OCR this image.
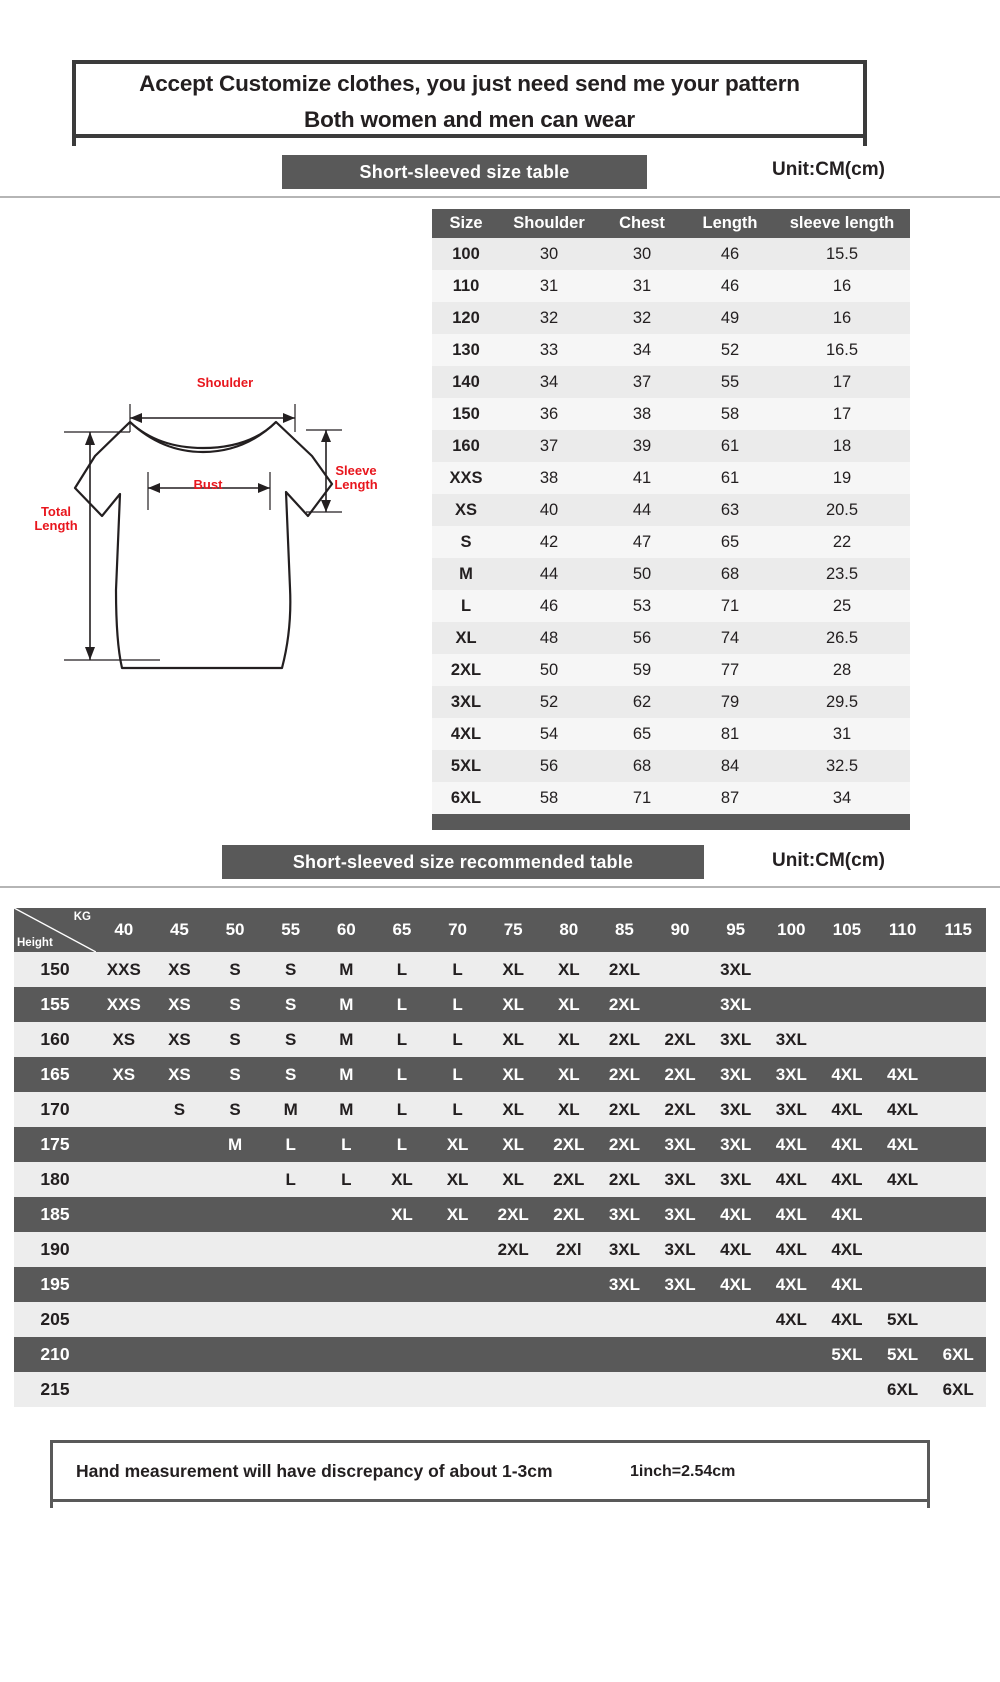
Accept Customize clothes, you just need send me your pattern
Both women and men can wear
Short-sleeved size table	Unit:CM(cm)
Shoulder
Bust
Sleeve
Length
Total
Length
Size	Shoulder	Chest	Length	sleeve length
100	30	30	46	15.5
110	31	31	46	16
120	32	32	49	16
130	33	34	52	16.5
140	34	37	55	17
150	36	38	58	17
160	37	39	61	18
XXS	38	41	61	19
XS	40	44	63	20.5
S	42	47	65	22
M	44	50	68	23.5
L	46	53	71	25
XL	48	56	74	26.5
2XL	50	59	77	28
3XL	52	62	79	29.5
4XL	54	65	81	31
5XL	56	68	84	32.5
6XL	58	71	87	34

Short-sleeved size recommended table	Unit:CM(cm)
KG
Height	40	45	50	55	60	65	70	75	80	85	90	95	100	105	110	115
150	XXS	XS	S	S	M	L	L	XL	XL	2XL		3XL				
155	XXS	XS	S	S	M	L	L	XL	XL	2XL		3XL				
160	XS	XS	S	S	M	L	L	XL	XL	2XL	2XL	3XL	3XL			
165	XS	XS	S	S	M	L	L	XL	XL	2XL	2XL	3XL	3XL	4XL	4XL	
170		S	S	M	M	L	L	XL	XL	2XL	2XL	3XL	3XL	4XL	4XL	
175			M	L	L	L	XL	XL	2XL	2XL	3XL	3XL	4XL	4XL	4XL	
180				L	L	XL	XL	XL	2XL	2XL	3XL	3XL	4XL	4XL	4XL	
185						XL	XL	2XL	2XL	3XL	3XL	4XL	4XL	4XL		
190								2XL	2Xl	3XL	3XL	4XL	4XL	4XL		
195										3XL	3XL	4XL	4XL	4XL		
205													4XL	4XL	5XL	
210														5XL	5XL	6XL
215															6XL	6XL
Hand measurement will have discrepancy of about 1-3cm	1inch=2.54cm
